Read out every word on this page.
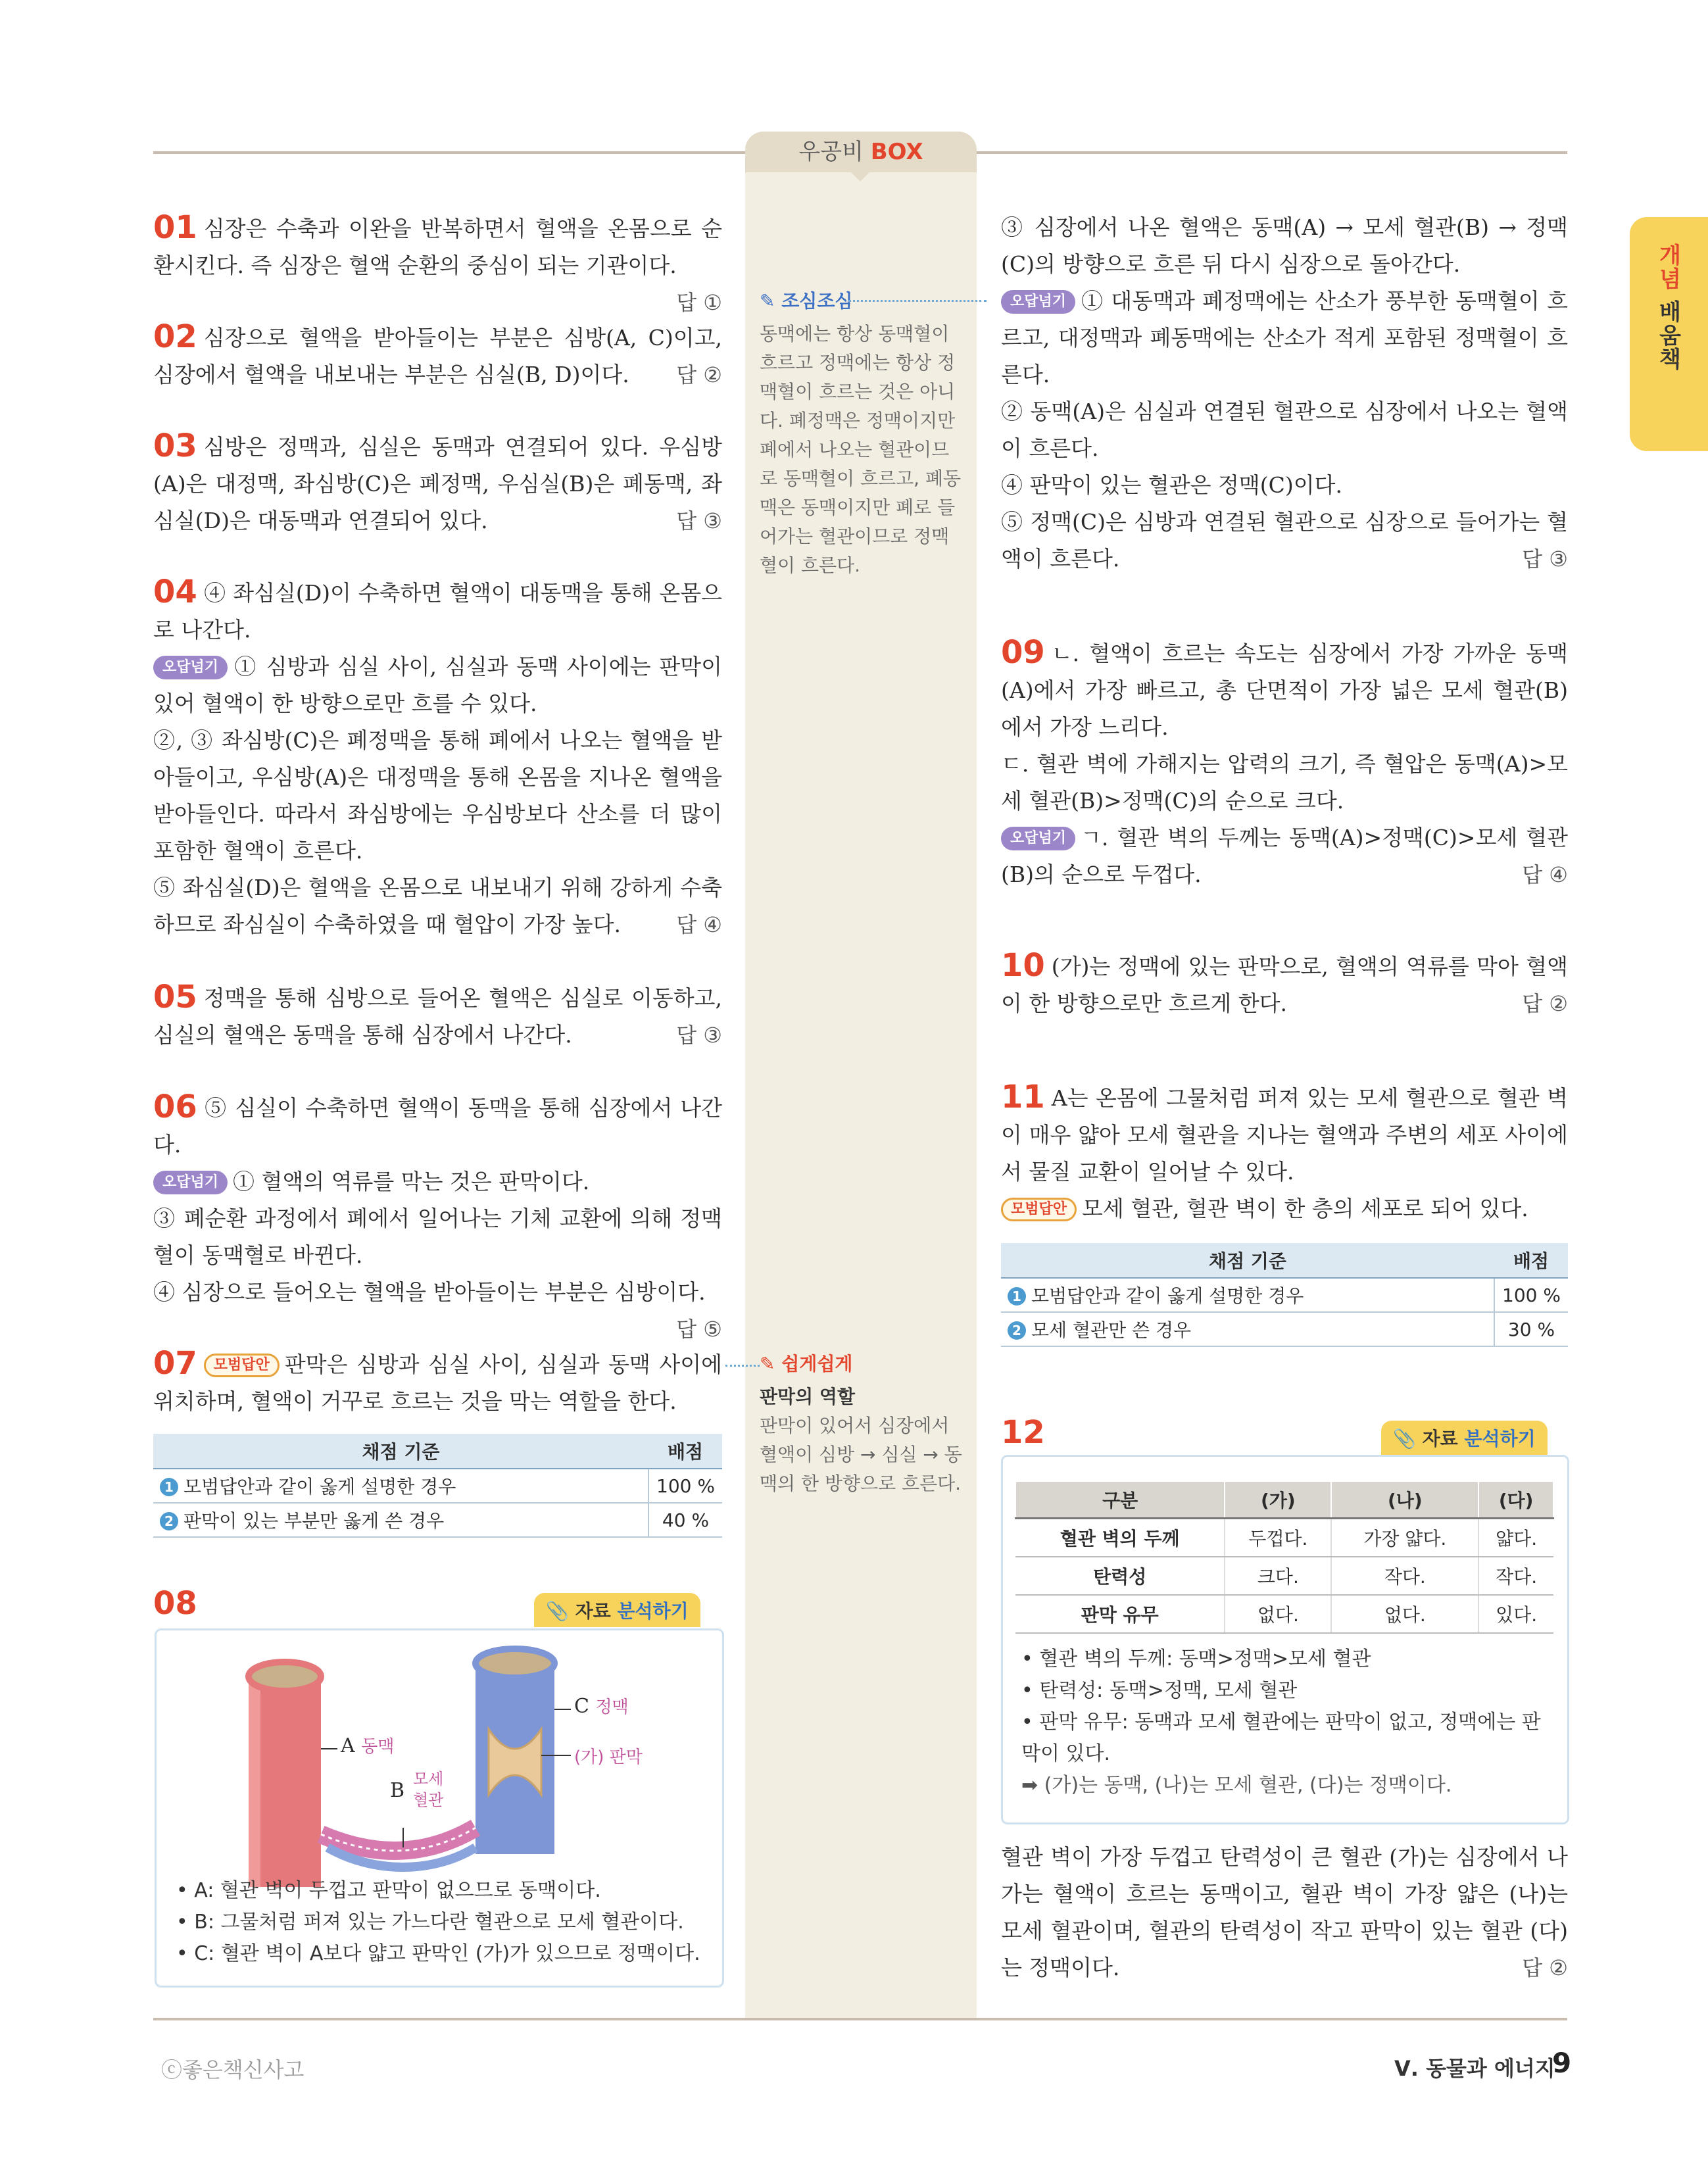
우공비 BOX
개념 배움책
01 심장은 수축과 이완을 반복하면서 혈액을 온몸으로 순환시킨다. 즉 심장은 혈액 순환의 중심이 되는 기관이다.
답 ①
02 심장으로 혈액을 받아들이는 부분은 심방(A, C)이고, 심장에서 혈액을 내보내는 부분은 심실(B, D)이다. 답 ②
03 심방은 정맥과, 심실은 동맥과 연결되어 있다. 우심방(A)은 대정맥, 좌심방(C)은 폐정맥, 우심실(B)은 폐동맥, 좌심실(D)은 대동맥과 연결되어 있다.	답 ③
04 ④ 좌심실(D)이 수축하면 혈액이 대동맥을 통해 온몸으로 나간다.
오답넘기 ① 심방과 심실 사이, 심실과 동맥 사이에는 판막이 있어 혈액이 한 방향으로만 흐를 수 있다.
②, ③ 좌심방(C)은 폐정맥을 통해 폐에서 나오는 혈액을 받아들이고, 우심방(A)은 대정맥을 통해 온몸을 지나온 혈액을 받아들인다. 따라서 좌심방에는 우심방보다 산소를 더 많이 포함한 혈액이 흐른다.
⑤ 좌심실(D)은 혈액을 온몸으로 내보내기 위해 강하게 수축하므로 좌심실이 수축하였을 때 혈압이 가장 높다.	답 ④
05 정맥을 통해 심방으로 들어온 혈액은 심실로 이동하고, 심실의 혈액은 동맥을 통해 심장에서 나간다.	답 ③
06 ⑤ 심실이 수축하면 혈액이 동맥을 통해 심장에서 나간다.
오답넘기 ① 혈액의 역류를 막는 것은 판막이다.
③ 폐순환 과정에서 폐에서 일어나는 기체 교환에 의해 정맥혈이 동맥혈로 바뀐다.
④ 심장으로 들어오는 혈액을 받아들이는 부분은 심방이다.
답 ⑤
07 모범답안 판막은 심방과 심실 사이, 심실과 동맥 사이에 위치하며, 혈액이 거꾸로 흐르는 것을 막는 역할을 한다.
채점 기준	배점
1 모범답안과 같이 옳게 설명한 경우	100 %
2 판막이 있는 부분만 옳게 쓴 경우	40 %
08	📎 자료 분석하기
A 동맥
B 모세
혈관
C 정맥
(가) 판막
• A: 혈관 벽이 두껍고 판막이 없으므로 동맥이다.
• B: 그물처럼 퍼져 있는 가느다란 혈관으로 모세 혈관이다.
• C: 혈관 벽이 A보다 얇고 판막인 (가)가 있으므로 정맥이다.
✎ 조심조심
동맥에는 항상 동맥혈이 흐르고 정맥에는 항상 정맥혈이 흐르는 것은 아니다. 폐정맥은 정맥이지만 폐에서 나오는 혈관이므로 동맥혈이 흐르고, 폐동맥은 동맥이지만 폐로 들어가는 혈관이므로 정맥혈이 흐른다.
✎ 쉽게쉽게
판막의 역할
판막이 있어서 심장에서 혈액이 심방 → 심실 → 동맥의 한 방향으로 흐른다.
③ 심장에서 나온 혈액은 동맥(A) → 모세 혈관(B) → 정맥(C)의 방향으로 흐른 뒤 다시 심장으로 돌아간다.
오답넘기 ① 대동맥과 폐정맥에는 산소가 풍부한 동맥혈이 흐르고, 대정맥과 폐동맥에는 산소가 적게 포함된 정맥혈이 흐른다.
② 동맥(A)은 심실과 연결된 혈관으로 심장에서 나오는 혈액이 흐른다.
④ 판막이 있는 혈관은 정맥(C)이다.
⑤ 정맥(C)은 심방과 연결된 혈관으로 심장으로 들어가는 혈액이 흐른다.	답 ③
09 ㄴ. 혈액이 흐르는 속도는 심장에서 가장 가까운 동맥(A)에서 가장 빠르고, 총 단면적이 가장 넓은 모세 혈관(B)에서 가장 느리다.
ㄷ. 혈관 벽에 가해지는 압력의 크기, 즉 혈압은 동맥(A)>모세 혈관(B)>정맥(C)의 순으로 크다.
오답넘기 ㄱ. 혈관 벽의 두께는 동맥(A)>정맥(C)>모세 혈관(B)의 순으로 두껍다.	답 ④
10 (가)는 정맥에 있는 판막으로, 혈액의 역류를 막아 혈액이 한 방향으로만 흐르게 한다.	답 ②
11 A는 온몸에 그물처럼 퍼져 있는 모세 혈관으로 혈관 벽이 매우 얇아 모세 혈관을 지나는 혈액과 주변의 세포 사이에서 물질 교환이 일어날 수 있다.
모범답안 모세 혈관, 혈관 벽이 한 층의 세포로 되어 있다.
채점 기준	배점
1 모범답안과 같이 옳게 설명한 경우	100 %
2 모세 혈관만 쓴 경우	30 %
12	📎 자료 분석하기
구분	(가)	(나)	(다)
혈관 벽의 두께	두껍다.	가장 얇다.	얇다.
탄력성	크다.	작다.	작다.
판막 유무	없다.	없다.	있다.
• 혈관 벽의 두께: 동맥>정맥>모세 혈관
• 탄력성: 동맥>정맥, 모세 혈관
• 판막 유무: 동맥과 모세 혈관에는 판막이 없고, 정맥에는 판막이 있다.
➡ (가)는 동맥, (나)는 모세 혈관, (다)는 정맥이다.
혈관 벽이 가장 두껍고 탄력성이 큰 혈관 (가)는 심장에서 나가는 혈액이 흐르는 동맥이고, 혈관 벽이 가장 얇은 (나)는 모세 혈관이며, 혈관의 탄력성이 작고 판막이 있는 혈관 (다)는 정맥이다.	답 ②
ⓒ좋은책신사고	Ⅴ. 동물과 에너지
9
